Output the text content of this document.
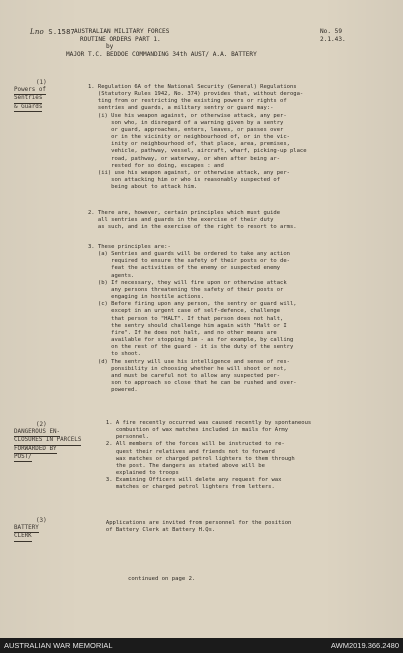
Lno S.1587 AUSTRALIAN MILITARY FORCES
ROUTINE ORDERS PART 1.
by
MAJOR T.C. BEDDOE COMMANDING 34th AUST/ A.A. BATTERY
No. 59
2.1.43.
(1)
Powers of
Sentries
& Guards
(2)
DANGEROUS EN-
CLOSURES IN PARCELS
FORWARDED BY
POST/
(3)
BATTERY
CLERK

1. Regulation 6A of the National Security (General) Regulations

(Statutory Rules 1942, No. 374) provides that, without deroga-

ting from or restricting the existing powers or rights of

sentries and guards, a military sentry or guard may:-

(i) Use his weapon against, or otherwise attack, any per-

son who, in disregard of a warning given by a sentry

or guard, approaches, enters, leaves, or passes over

or in the vicinity or neighbourhood of, or in the vic-

inity or neighbourhood of, that place, area, premises,

vehicle, pathway, vessel, aircraft, wharf, picking-up place

road, pathway, or waterway, or when after being ar-

rested for so doing, escapes : and

(ii) use his weapon against, or otherwise attack, any per-

son attacking him or who is reasonably suspected of

being about to attack him.

2. There are, however, certain principles which must guide

all sentries and guards in the exercise of their duty

as such, and in the exercise of the right to resort to arms.

3. These principles are:-

(a) Sentries and guards will be ordered to take any action

required to ensure the safety of their posts or to de-

feat the activities of the enemy or suspected enemy

agents.

(b) If necessary, they will fire upon or otherwise attack

any persons threatening the safety of their posts or

engaging in hostile actions.

(c) Before firing upon any person, the sentry or guard will,

except in an urgent case of self-defence, challenge

that person to "HALT". If that person does not halt,

the sentry should challenge him again with "Halt or I

fire". If he does not halt, and no other means are

available for stopping him - as for example, by calling

on the rest of the guard - it is the duty of the sentry

to shoot.

(d) The sentry will use his intelligence and sense of res-

ponsibility in choosing whether he will shoot or not,

and must be careful not to allow any suspected per-

son to approach so close that he can be rushed and over-

powered.

1. A fire recently occurred was caused recently by spontaneous

combustion of wax matches included in mails for Army

personnel.

2. All members of the forces will be instructed to re-

quest their relatives and friends not to forward

wax matches or charged petrol lighters to them through

the post. The dangers as stated above will be

explained to troops

3. Examining Officers will delete any request for wax

matches or charged petrol lighters from letters.

Applications are invited from personnel for the position

of Battery Clerk at Battery H.Qs.

continued on page 2.
AUSTRALIAN WAR MEMORIAL	AWM2019.366.2480
